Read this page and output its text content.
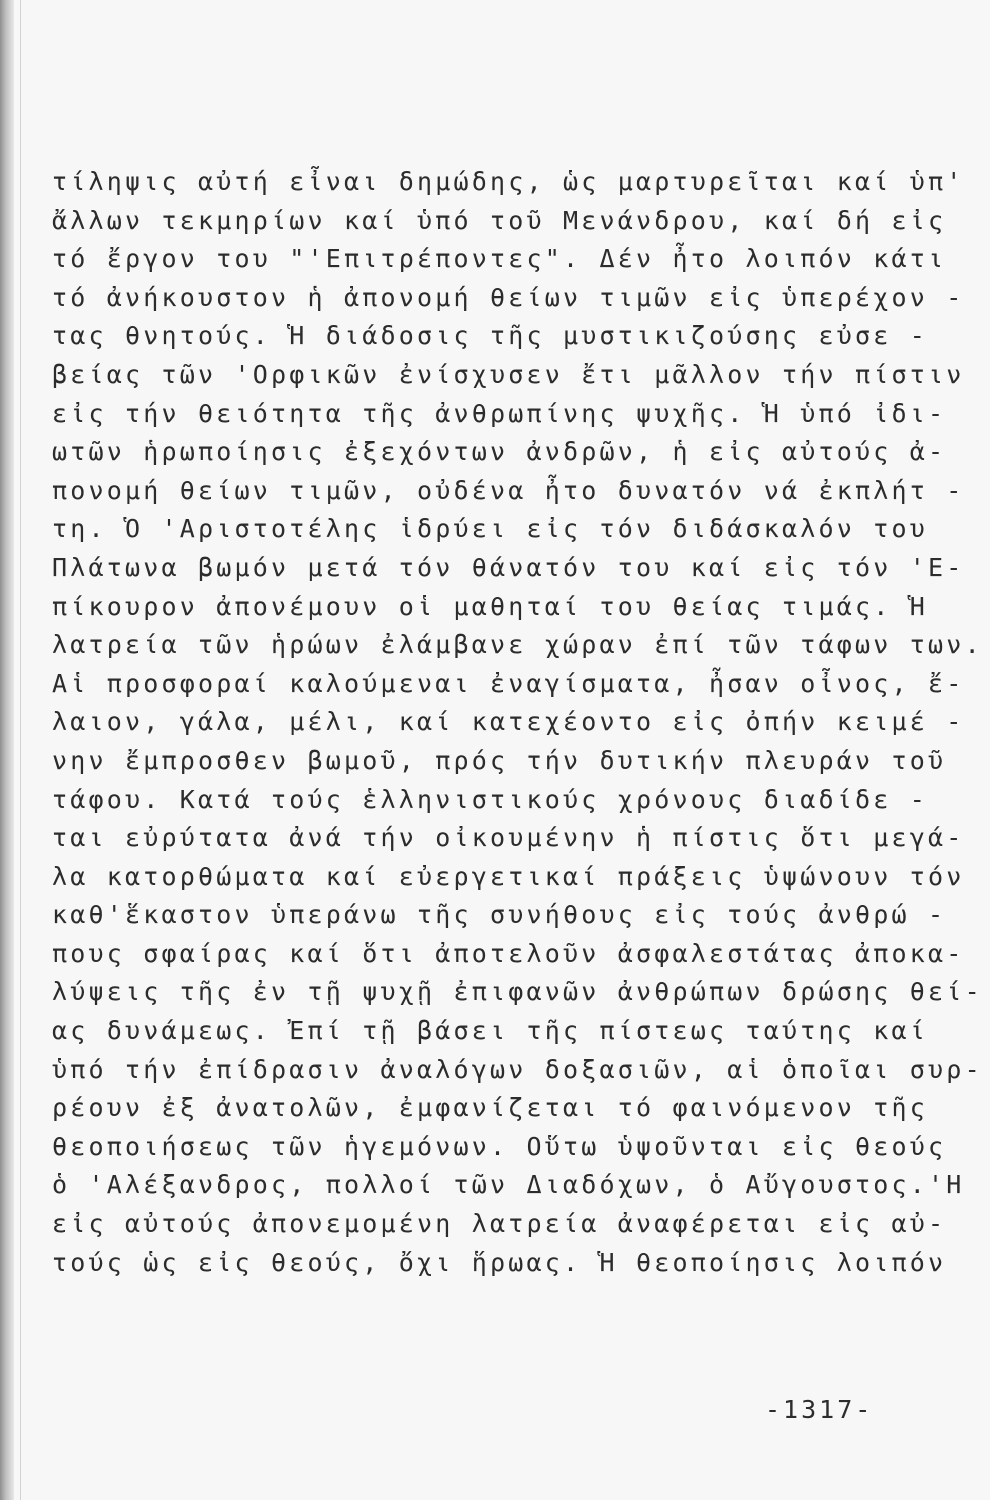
τίληψις αὐτή εἶναι δημώδης, ὡς μαρτυρεῖται καί ὑπ'
ἄλλων τεκμηρίων καί ὑπό τοῦ Μενάνδρου, καί δή εἰς
τό ἔργον του "'Επιτρέποντες". Δέν ἦτο λοιπόν κάτι
τό ἀνήκουστον ἡ ἀπονομή θείων τιμῶν εἰς ὑπερέχον -
τας θνητούς. Ἡ διάδοσις τῆς μυστικιζούσης εὐσε -
βείας τῶν 'Ορφικῶν ἐνίσχυσεν ἔτι μᾶλλον τήν πίστιν
εἰς τήν θειότητα τῆς ἀνθρωπίνης ψυχῆς. Ἡ ὑπό ἰδι-
ωτῶν ἡρωποίησις ἐξεχόντων ἀνδρῶν, ἡ εἰς αὐτούς ἀ-
πονομή θείων τιμῶν, οὐδένα ἦτο δυνατόν νά ἐκπλήτ -
τη. Ὁ 'Αριστοτέλης ἱδρύει εἰς τόν διδάσκαλόν του
Πλάτωνα βωμόν μετά τόν θάνατόν του καί εἰς τόν 'Ε-
πίκουρον ἀπονέμουν οἱ μαθηταί του θείας τιμάς. Ἡ
λατρεία τῶν ἡρώων ἐλάμβανε χώραν ἐπί τῶν τάφων των.
Αἱ προσφοραί καλούμεναι ἐναγίσματα, ἦσαν οἶνος, ἔ-
λαιον, γάλα, μέλι, καί κατεχέοντο εἰς ὀπήν κειμέ -
νην ἔμπροσθεν βωμοῦ, πρός τήν δυτικήν πλευράν τοῦ
τάφου. Κατά τούς ἑλληνιστικούς χρόνους διαδίδε -
ται εὐρύτατα ἀνά τήν οἰκουμένην ἡ πίστις ὅτι μεγά-
λα κατορθώματα καί εὐεργετικαί πράξεις ὑψώνουν τόν
καθ'ἕκαστον ὑπεράνω τῆς συνήθους εἰς τούς ἀνθρώ -
πους σφαίρας καί ὅτι ἀποτελοῦν ἀσφαλεστάτας ἀποκα-
λύψεις τῆς ἐν τῇ ψυχῇ ἐπιφανῶν ἀνθρώπων δρώσης θεί-
ας δυνάμεως. Ἐπί τῇ βάσει τῆς πίστεως ταύτης καί
ὑπό τήν ἐπίδρασιν ἀναλόγων δοξασιῶν, αἱ ὁποῖαι συρ-
ρέουν ἐξ ἀνατολῶν, ἐμφανίζεται τό φαινόμενον τῆς
θεοποιήσεως τῶν ἡγεμόνων. Οὕτω ὑψοῦνται εἰς θεούς
ὁ 'Αλέξανδρος, πολλοί τῶν Διαδόχων, ὁ Αὔγουστος.'Η
εἰς αὐτούς ἀπονεμομένη λατρεία ἀναφέρεται εἰς αὐ-
τούς ὡς εἰς θεούς, ὄχι ἥρωας. Ἡ θεοποίησις λοιπόν
-1317-
